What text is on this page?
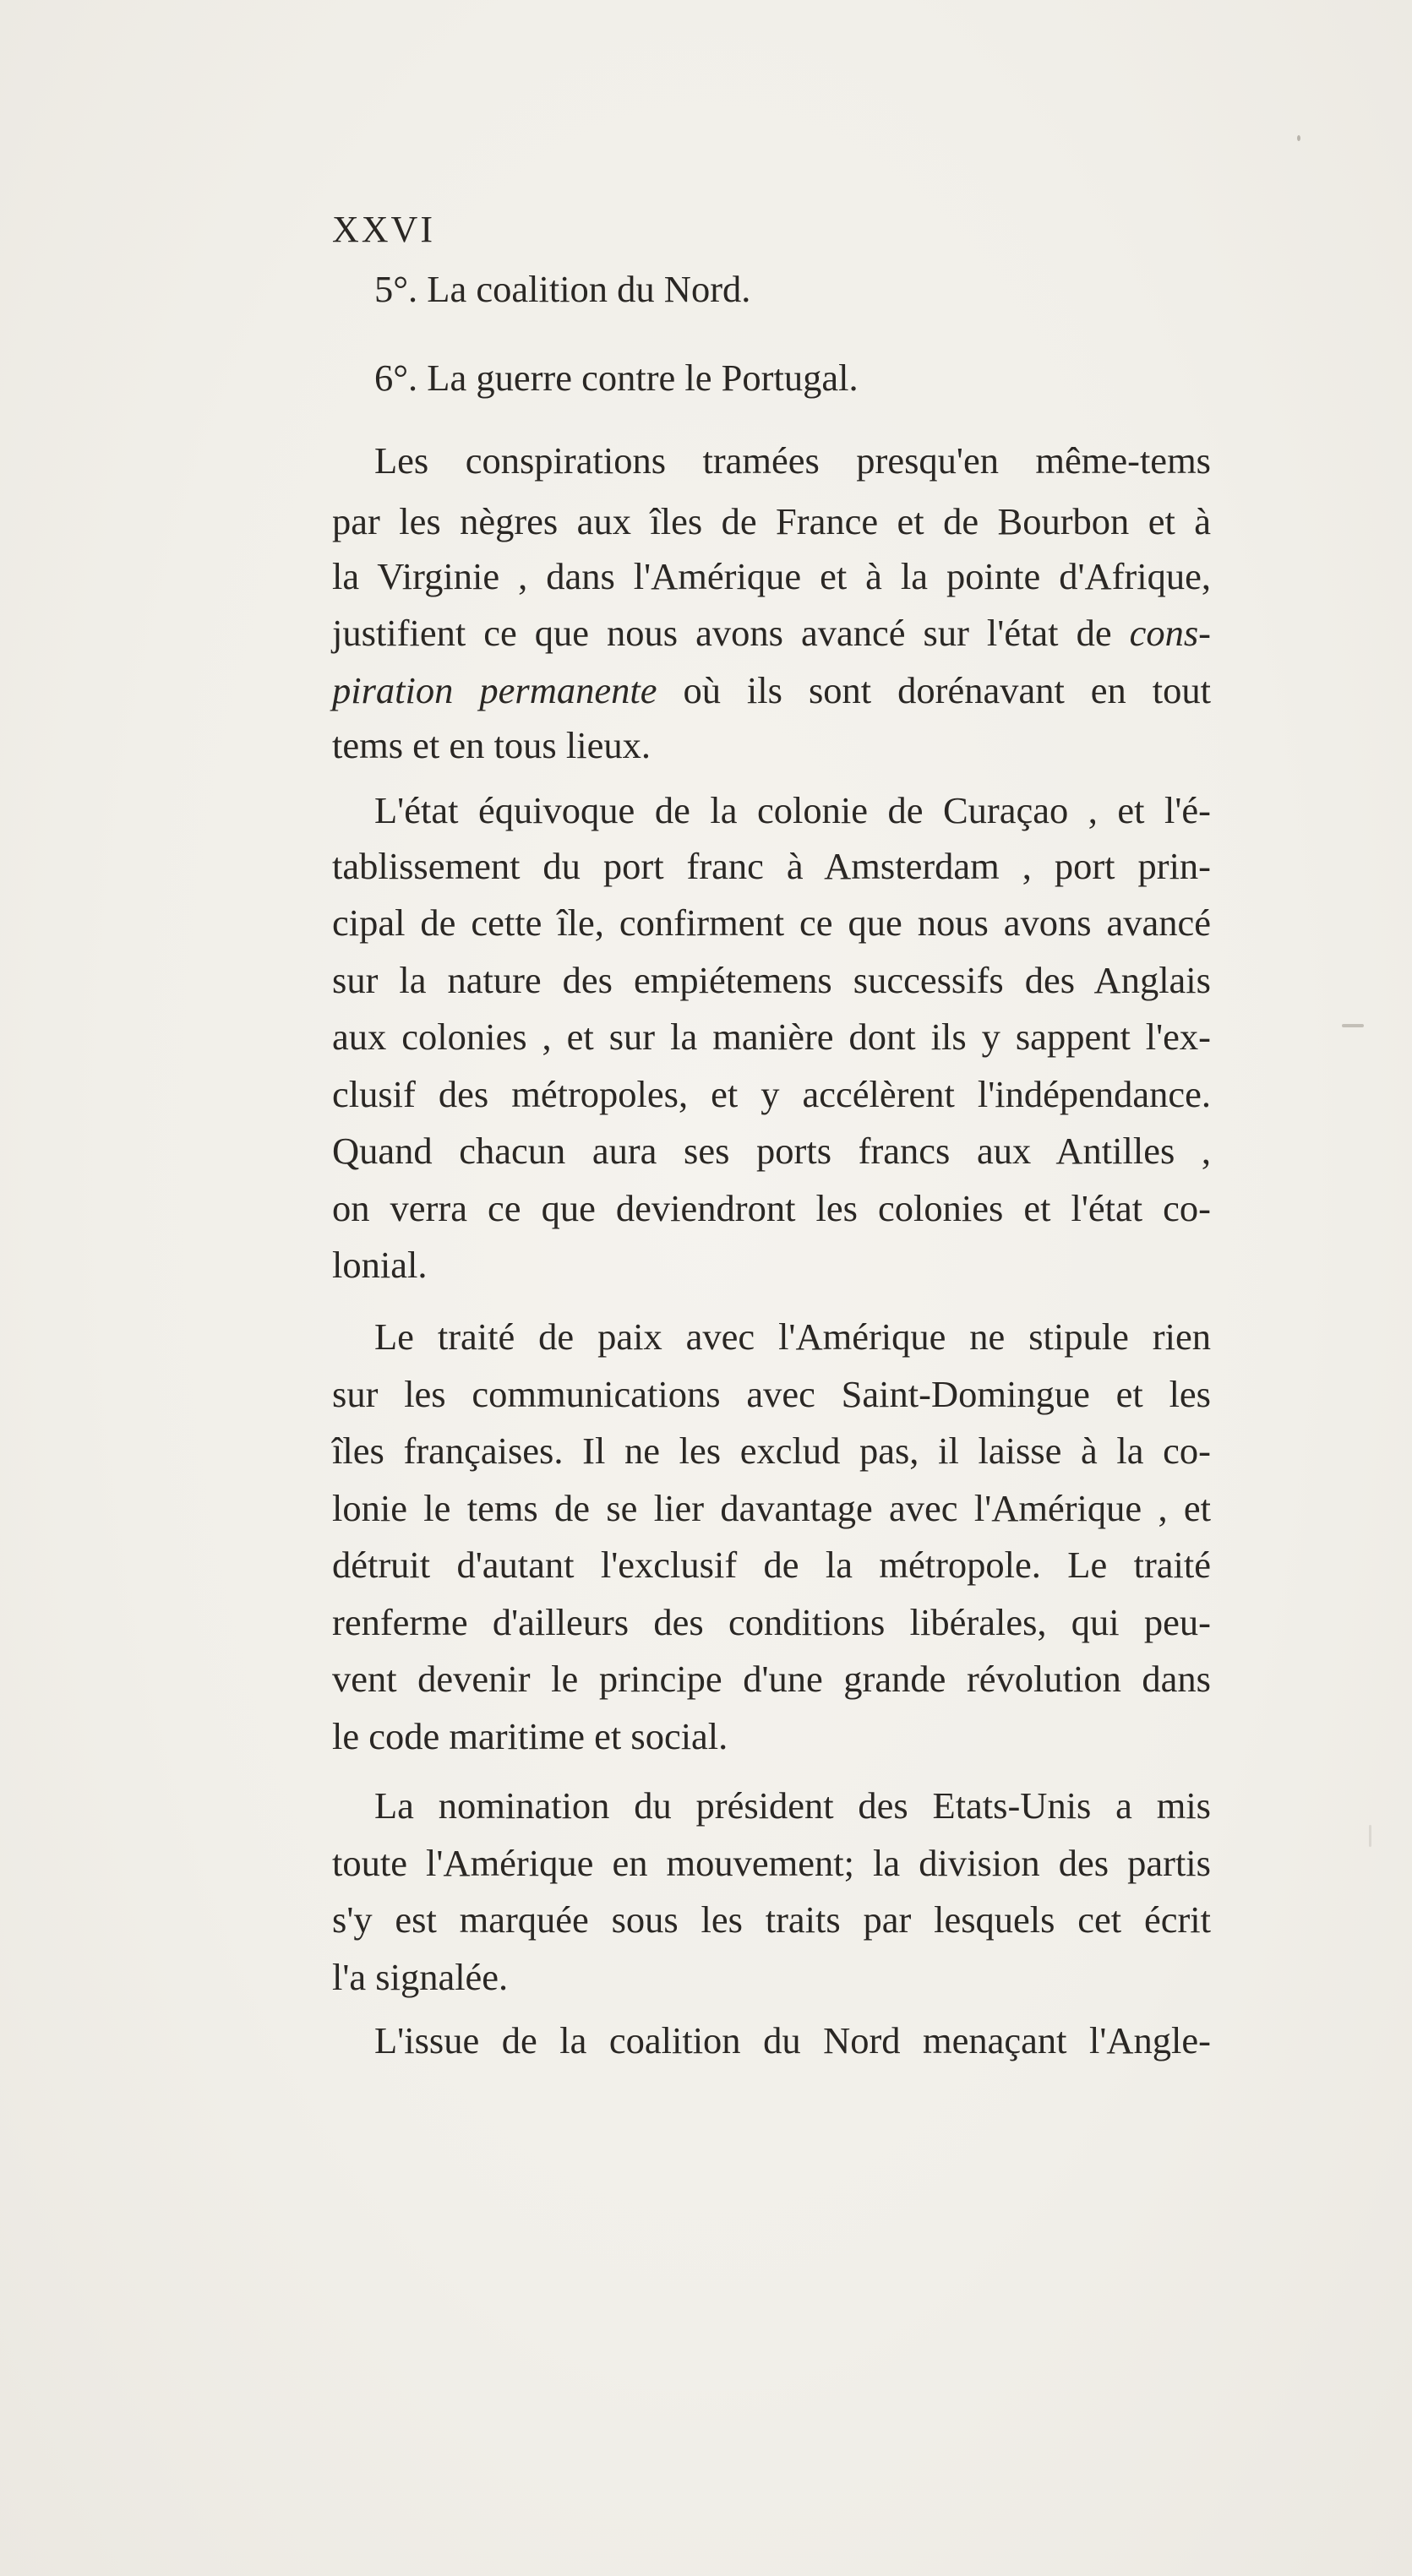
XXVI
5°. La coalition du Nord.
6°. La guerre contre le Portugal.
Les conspirations tramées presqu'en même-tems
par les nègres aux îles de France et de Bourbon et à
la Virginie , dans l'Amérique et à la pointe d'Afrique,
justifient ce que nous avons avancé sur l'état de cons-
piration permanente où ils sont dorénavant en tout
tems et en tous lieux.
L'état équivoque de la colonie de Curaçao , et l'é-
tablissement du port franc à Amsterdam , port prin-
cipal de cette île, confirment ce que nous avons avancé
sur la nature des empiétemens successifs des Anglais
aux colonies , et sur la manière dont ils y sappent l'ex-
clusif des métropoles, et y accélèrent l'indépendance.
Quand chacun aura ses ports francs aux Antilles ,
on verra ce que deviendront les colonies et l'état co-
lonial.
Le traité de paix avec l'Amérique ne stipule rien
sur les communications avec Saint-Domingue et les
îles françaises. Il ne les exclud pas, il laisse à la co-
lonie le tems de se lier davantage avec l'Amérique , et
détruit d'autant l'exclusif de la métropole. Le traité
renferme d'ailleurs des conditions libérales, qui peu-
vent devenir le principe d'une grande révolution dans
le code maritime et social.
La nomination du président des Etats-Unis a mis
toute l'Amérique en mouvement; la division des partis
s'y est marquée sous les traits par lesquels cet écrit
l'a signalée.
L'issue de la coalition du Nord menaçant l'Angle-
